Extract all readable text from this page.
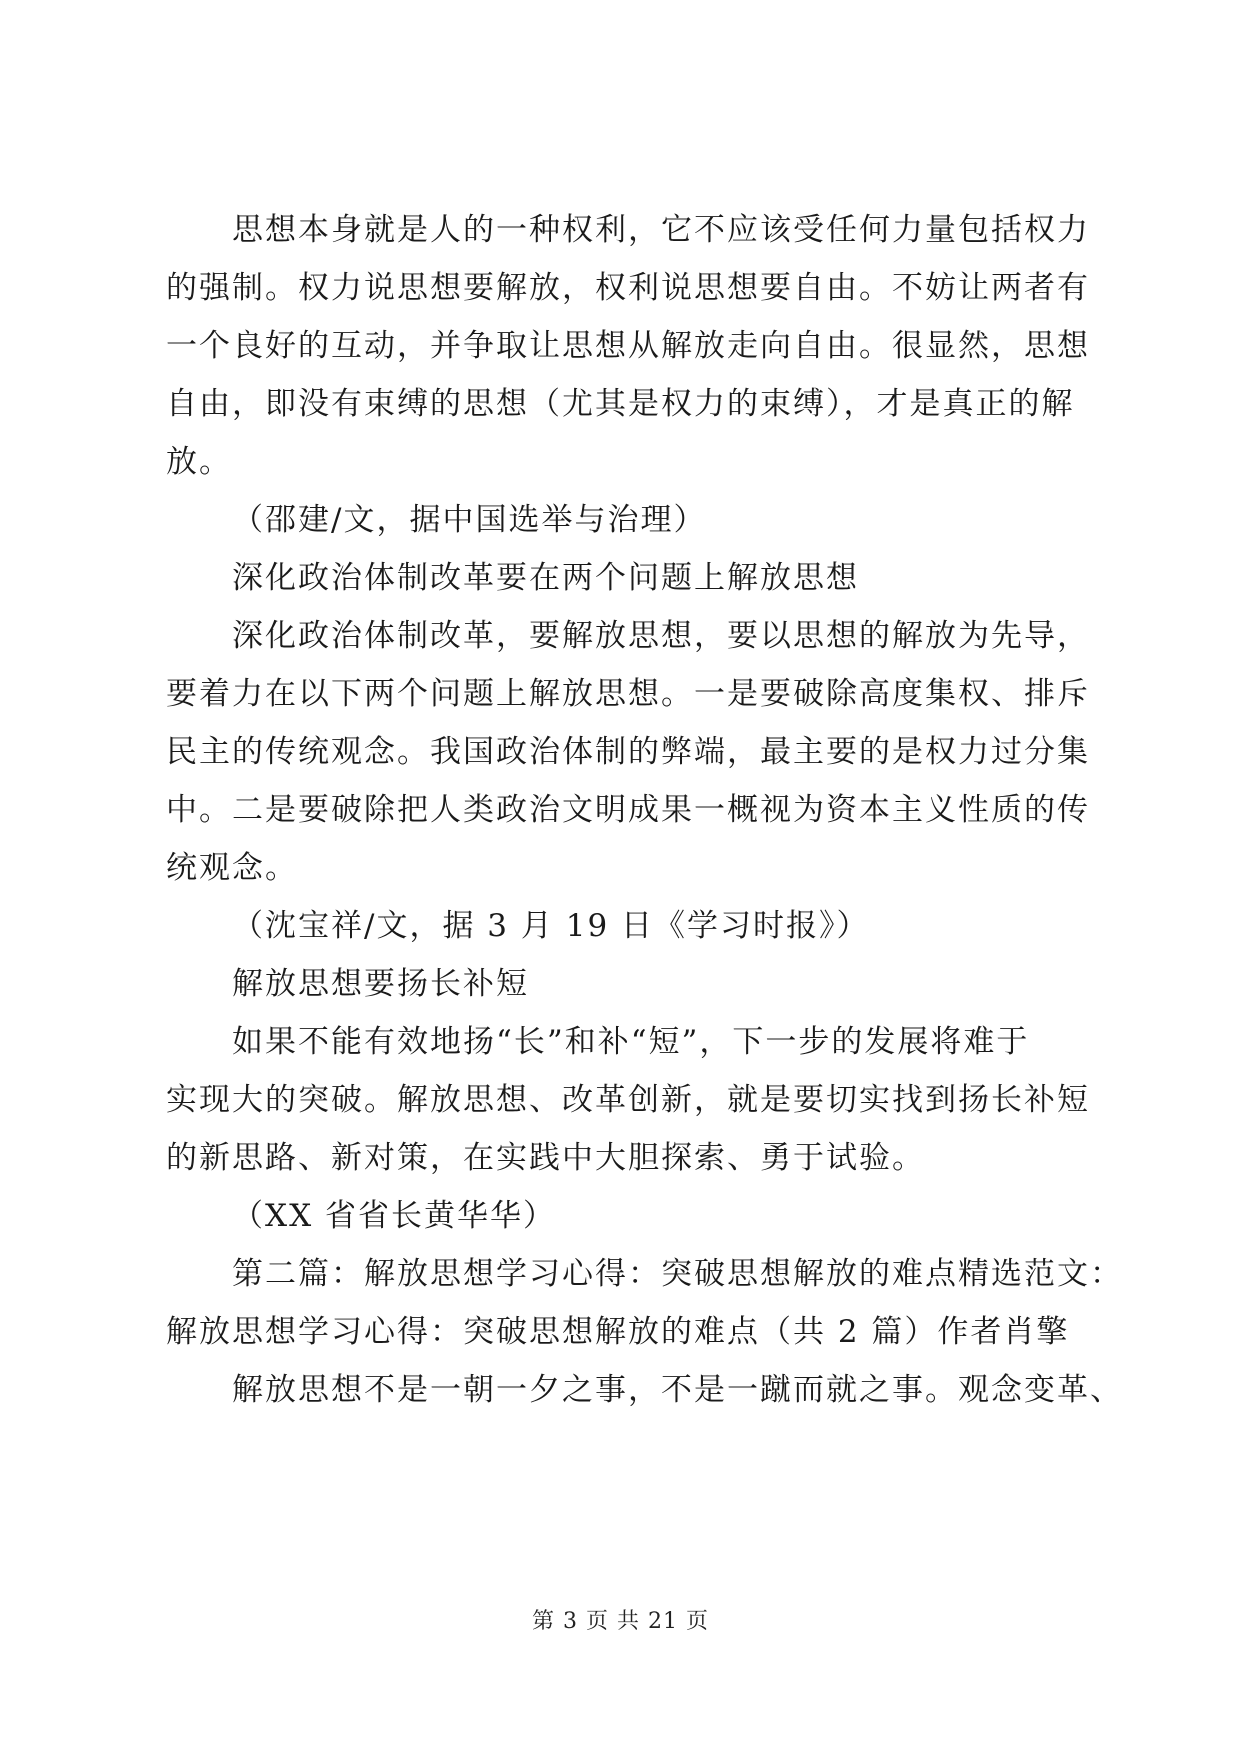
思想本身就是人的一种权利，它不应该受任何力量包括权力
的强制。权力说思想要解放，权利说思想要自由。不妨让两者有
一个良好的互动，并争取让思想从解放走向自由。很显然，思想
自由，即没有束缚的思想（尤其是权力的束缚），才是真正的解
放。
（邵建/文，据中国选举与治理）
深化政治体制改革要在两个问题上解放思想
深化政治体制改革，要解放思想，要以思想的解放为先导，
要着力在以下两个问题上解放思想。一是要破除高度集权、排斥
民主的传统观念。我国政治体制的弊端，最主要的是权力过分集
中。二是要破除把人类政治文明成果一概视为资本主义性质的传
统观念。
（沈宝祥/文，据 3 月 19 日《学习时报》）
解放思想要扬长补短
如果不能有效地扬“长”和补“短”，下一步的发展将难于
实现大的突破。解放思想、改革创新，就是要切实找到扬长补短
的新思路、新对策，在实践中大胆探索、勇于试验。
（XX 省省长黄华华）
第二篇：解放思想学习心得：突破思想解放的难点精选范文：
解放思想学习心得：突破思想解放的难点（共 2 篇）作者肖擎
解放思想不是一朝一夕之事，不是一蹴而就之事。观念变革、
第 3 页 共 21 页
